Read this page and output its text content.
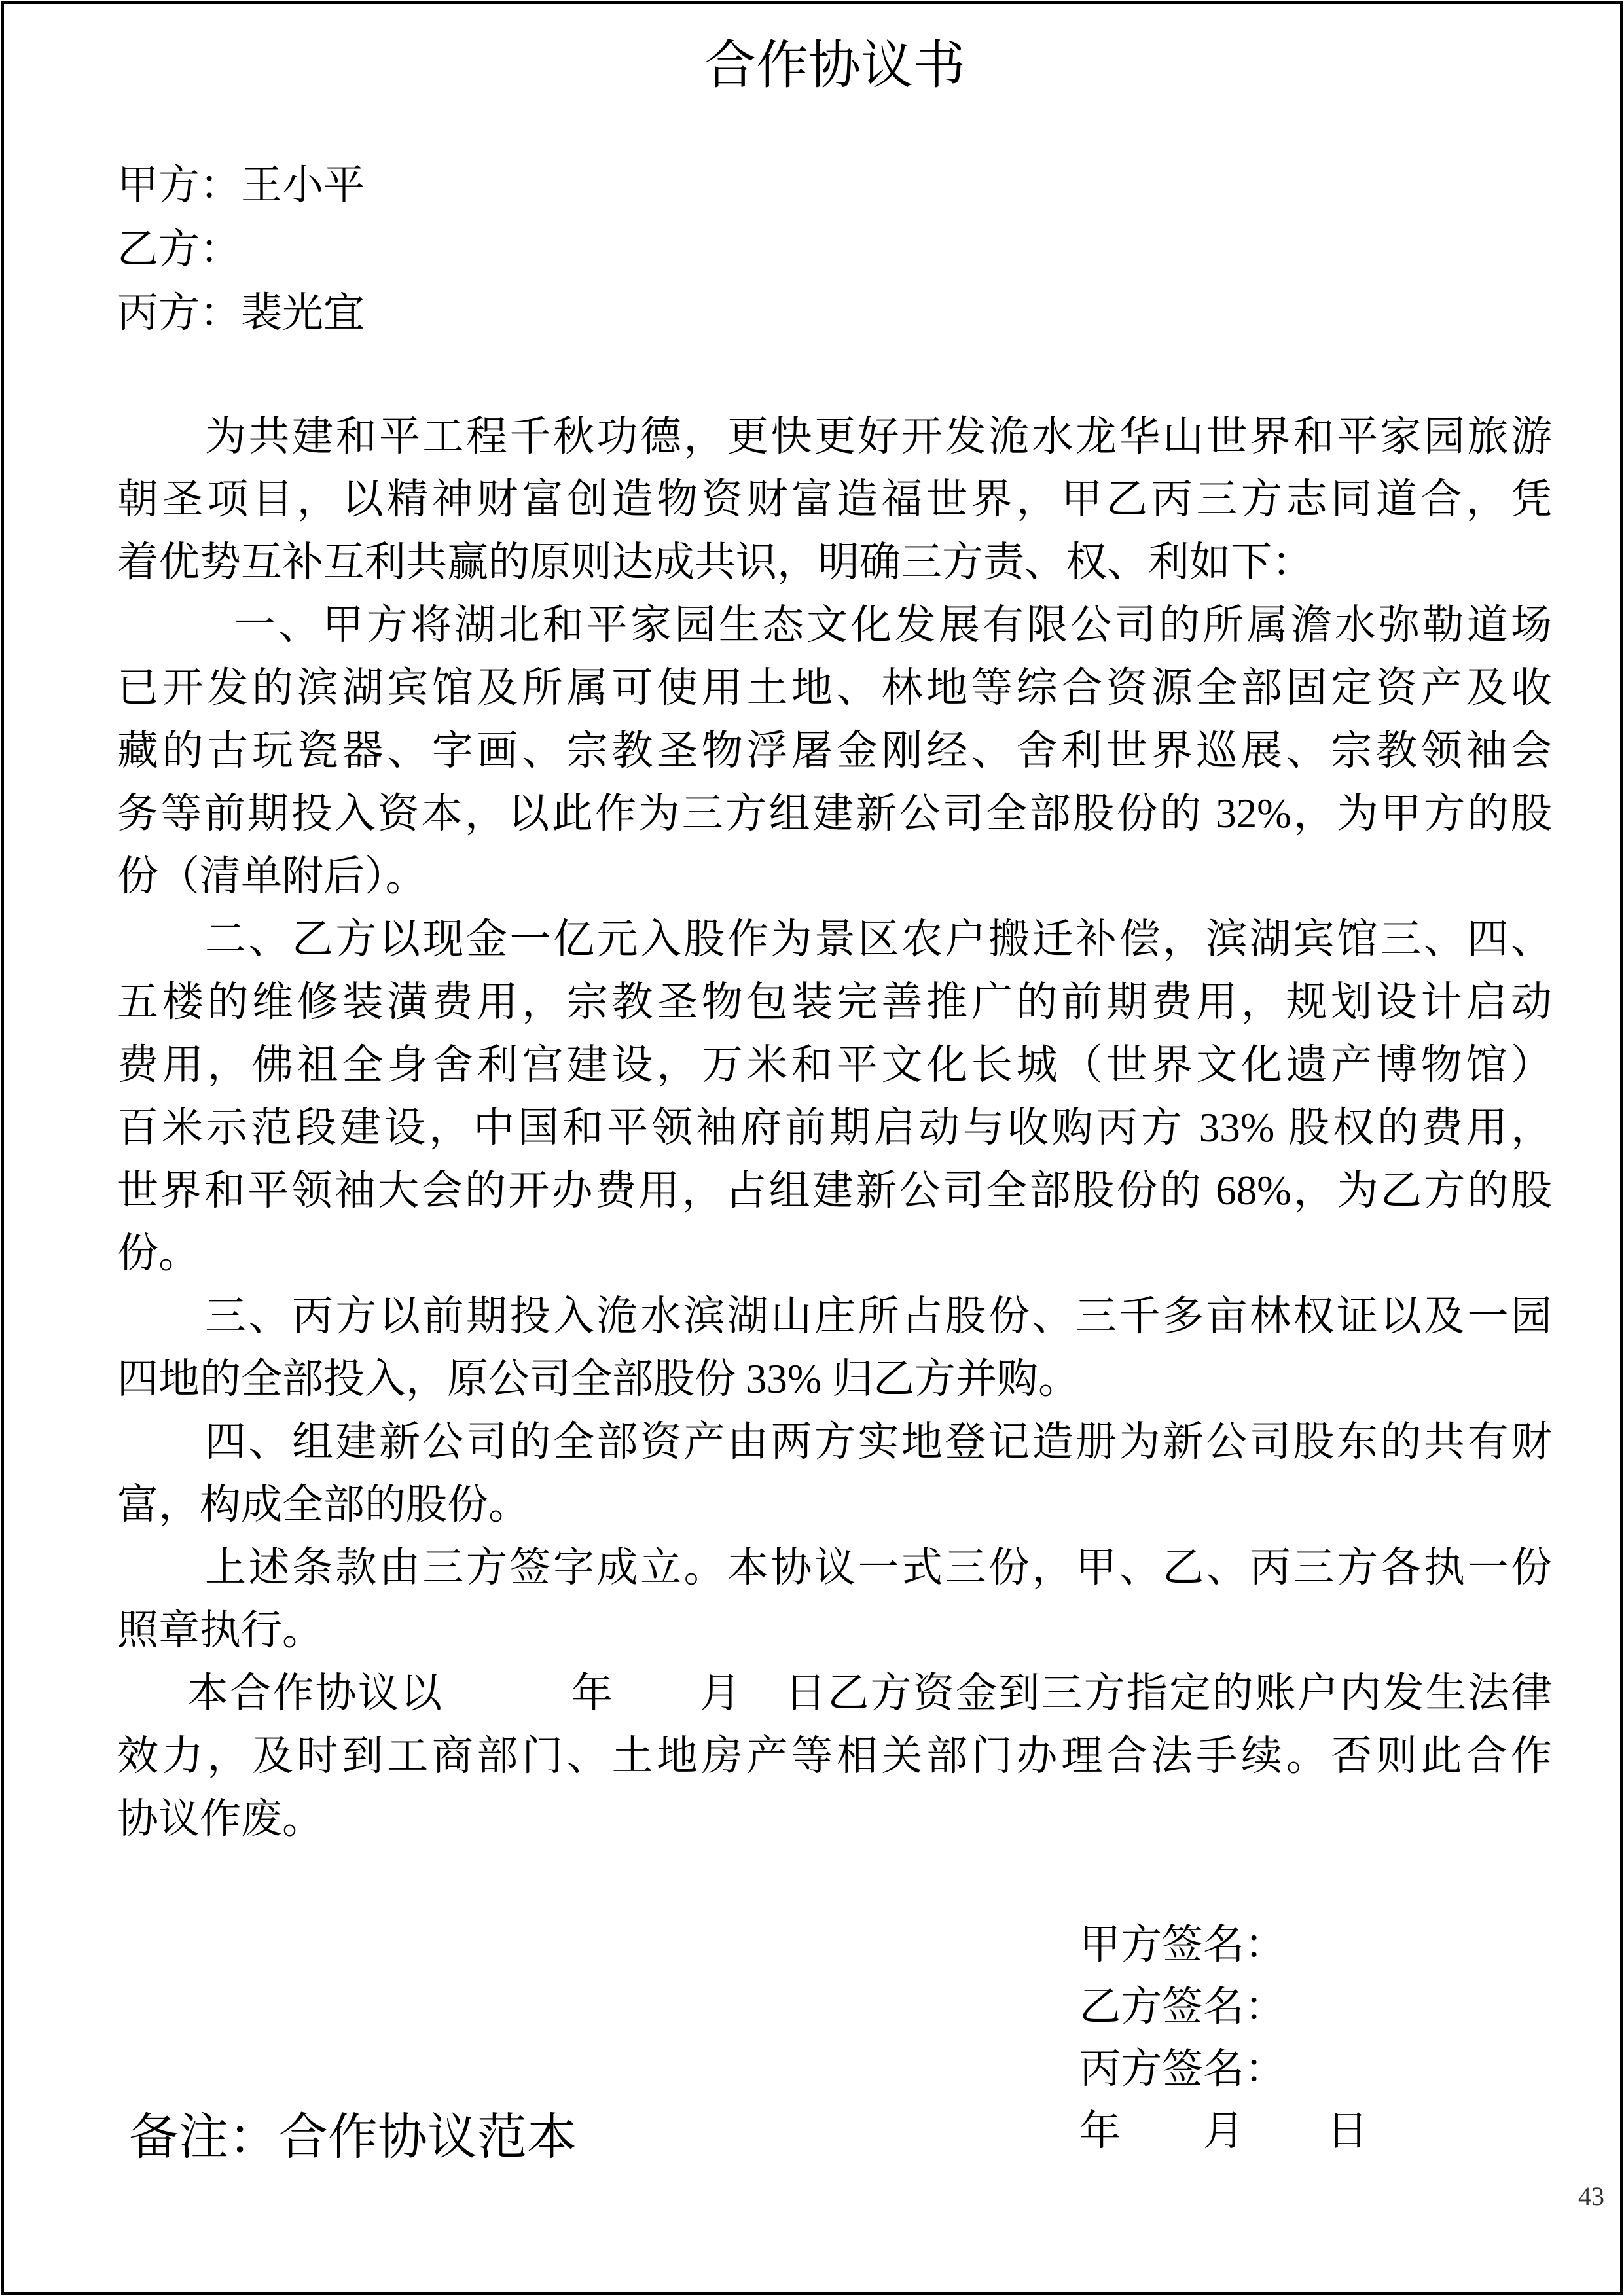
合作协议书
甲方：王小平
乙方：
丙方：裴光宜
为共建和平工程千秋功德，更快更好开发洈水龙华山世界和平家园旅游
朝圣项目，以精神财富创造物资财富造福世界，甲乙丙三方志同道合，凭
着优势互补互利共赢的原则达成共识，明确三方责、权、利如下：
一、甲方将湖北和平家园生态文化发展有限公司的所属澹水弥勒道场
已开发的滨湖宾馆及所属可使用土地、林地等综合资源全部固定资产及收
藏的古玩瓷器、字画、宗教圣物浮屠金刚经、舍利世界巡展、宗教领袖会
务等前期投入资本，以此作为三方组建新公司全部股份的 32%，为甲方的股
份（清单附后）。
二、乙方以现金一亿元入股作为景区农户搬迁补偿，滨湖宾馆三、四、
五楼的维修装潢费用，宗教圣物包装完善推广的前期费用，规划设计启动
费用，佛祖全身舍利宫建设，万米和平文化长城（世界文化遗产博物馆）
百米示范段建设，中国和平领袖府前期启动与收购丙方 33% 股权的费用，
世界和平领袖大会的开办费用，占组建新公司全部股份的 68%，为乙方的股
份。
三、丙方以前期投入洈水滨湖山庄所占股份、三千多亩林权证以及一园
四地的全部投入，原公司全部股份 33% 归乙方并购。
四、组建新公司的全部资产由两方实地登记造册为新公司股东的共有财
富，构成全部的股份。
上述条款由三方签字成立。本协议一式三份，甲、乙、丙三方各执一份
照章执行。
本合作协议以　　　年　　月　日乙方资金到三方指定的账户内发生法律
效力，及时到工商部门、土地房产等相关部门办理合法手续。否则此合作
协议作废。
甲方签名：
乙方签名：
丙方签名：
年　　月　　日
备注：合作协议范本
43
